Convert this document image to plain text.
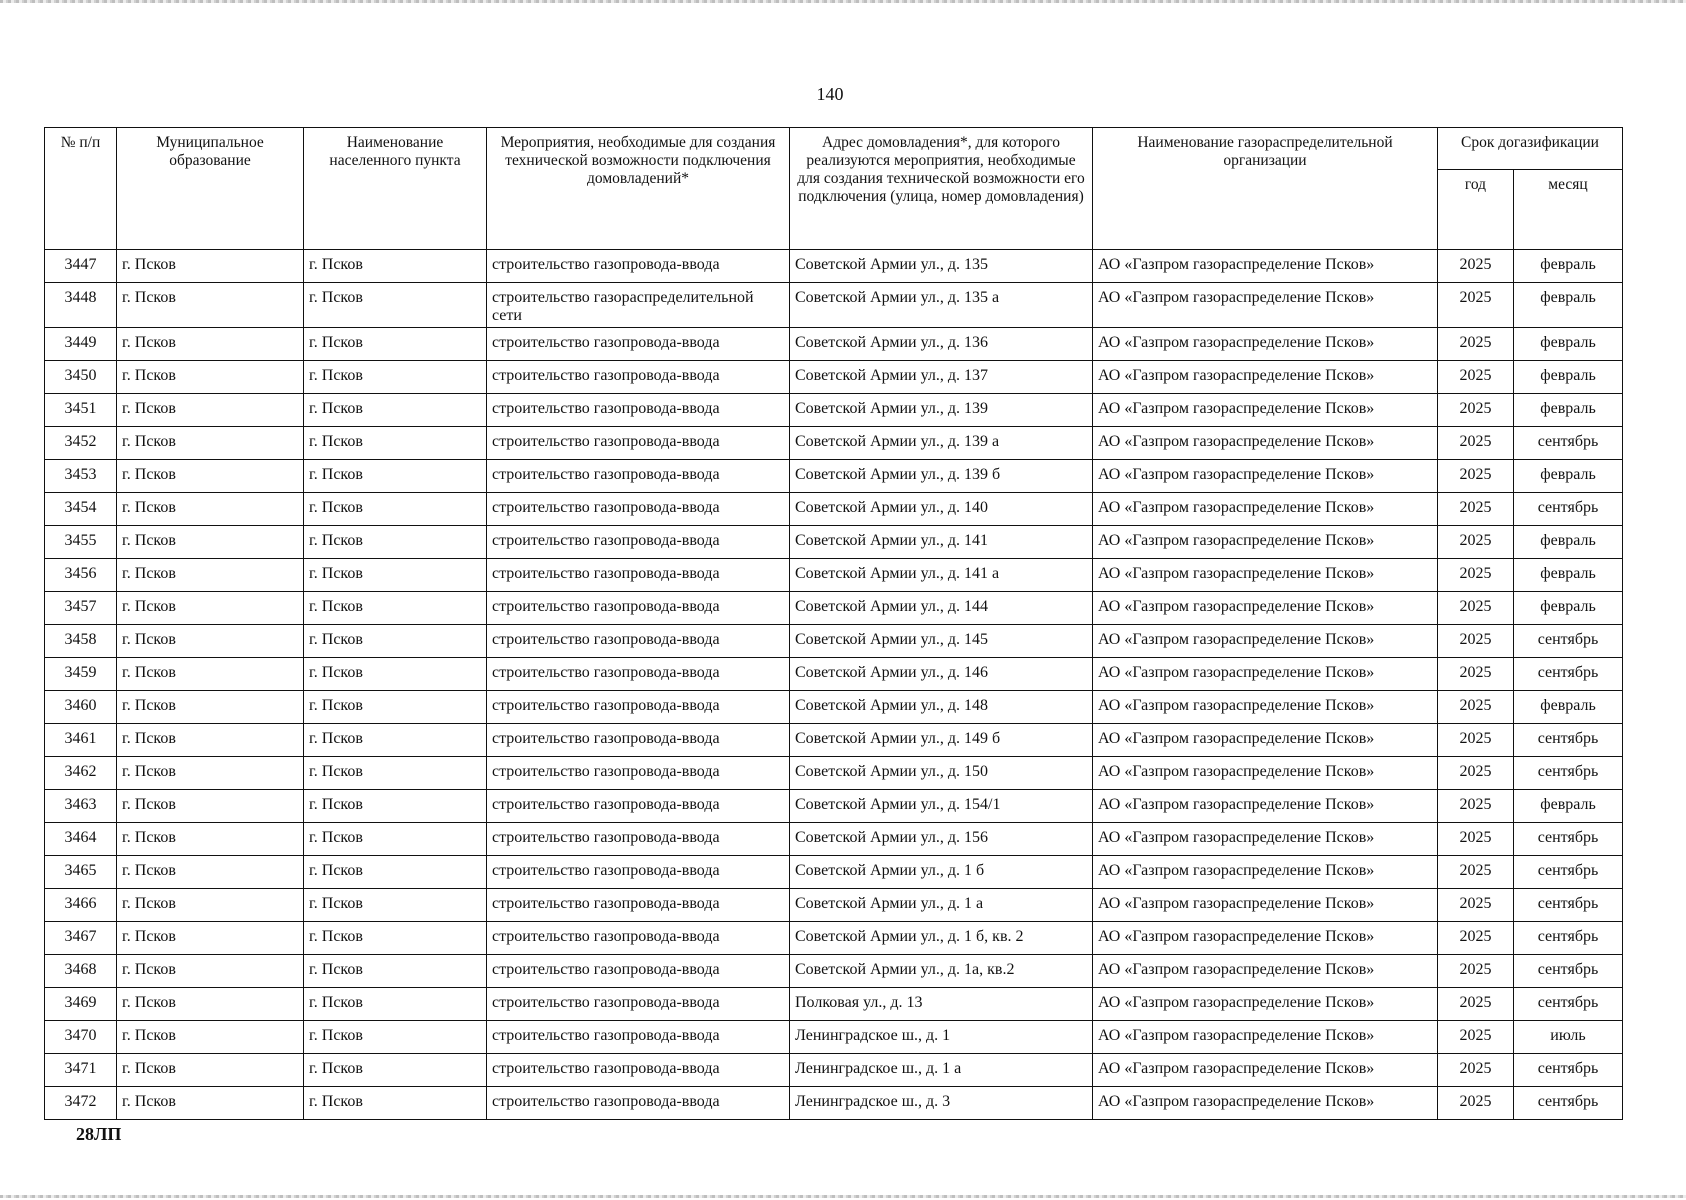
140
№ п/п	Муниципальное образование	Наименование населенного пункта	Мероприятия, необходимые для создания технической возможности подключения домовладений*	Адрес домовладения*, для которого реализуются мероприятия, необходимые для создания технической возможности его подключения (улица, номер домовладения)	Наименование газораспределительной организации	Срок догазификации	
						год	месяц
3447	г. Псков	г. Псков	строительство газопровода-ввода	Советской Армии ул., д. 135	АО «Газпром газораспределение Псков»	2025	февраль
3448	г. Псков	г. Псков	строительство газораспределительной сети	Советской Армии ул., д. 135 а	АО «Газпром газораспределение Псков»	2025	февраль
3449	г. Псков	г. Псков	строительство газопровода-ввода	Советской Армии ул., д. 136	АО «Газпром газораспределение Псков»	2025	февраль
3450	г. Псков	г. Псков	строительство газопровода-ввода	Советской Армии ул., д. 137	АО «Газпром газораспределение Псков»	2025	февраль
3451	г. Псков	г. Псков	строительство газопровода-ввода	Советской Армии ул., д. 139	АО «Газпром газораспределение Псков»	2025	февраль
3452	г. Псков	г. Псков	строительство газопровода-ввода	Советской Армии ул., д. 139 а	АО «Газпром газораспределение Псков»	2025	сентябрь
3453	г. Псков	г. Псков	строительство газопровода-ввода	Советской Армии ул., д. 139 б	АО «Газпром газораспределение Псков»	2025	февраль
3454	г. Псков	г. Псков	строительство газопровода-ввода	Советской Армии ул., д. 140	АО «Газпром газораспределение Псков»	2025	сентябрь
3455	г. Псков	г. Псков	строительство газопровода-ввода	Советской Армии ул., д. 141	АО «Газпром газораспределение Псков»	2025	февраль
3456	г. Псков	г. Псков	строительство газопровода-ввода	Советской Армии ул., д. 141 а	АО «Газпром газораспределение Псков»	2025	февраль
3457	г. Псков	г. Псков	строительство газопровода-ввода	Советской Армии ул., д. 144	АО «Газпром газораспределение Псков»	2025	февраль
3458	г. Псков	г. Псков	строительство газопровода-ввода	Советской Армии ул., д. 145	АО «Газпром газораспределение Псков»	2025	сентябрь
3459	г. Псков	г. Псков	строительство газопровода-ввода	Советской Армии ул., д. 146	АО «Газпром газораспределение Псков»	2025	сентябрь
3460	г. Псков	г. Псков	строительство газопровода-ввода	Советской Армии ул., д. 148	АО «Газпром газораспределение Псков»	2025	февраль
3461	г. Псков	г. Псков	строительство газопровода-ввода	Советской Армии ул., д. 149 б	АО «Газпром газораспределение Псков»	2025	сентябрь
3462	г. Псков	г. Псков	строительство газопровода-ввода	Советской Армии ул., д. 150	АО «Газпром газораспределение Псков»	2025	сентябрь
3463	г. Псков	г. Псков	строительство газопровода-ввода	Советской Армии ул., д. 154/1	АО «Газпром газораспределение Псков»	2025	февраль
3464	г. Псков	г. Псков	строительство газопровода-ввода	Советской Армии ул., д. 156	АО «Газпром газораспределение Псков»	2025	сентябрь
3465	г. Псков	г. Псков	строительство газопровода-ввода	Советской Армии ул., д. 1 б	АО «Газпром газораспределение Псков»	2025	сентябрь
3466	г. Псков	г. Псков	строительство газопровода-ввода	Советской Армии ул., д. 1 а	АО «Газпром газораспределение Псков»	2025	сентябрь
3467	г. Псков	г. Псков	строительство газопровода-ввода	Советской Армии ул., д. 1 б, кв. 2	АО «Газпром газораспределение Псков»	2025	сентябрь
3468	г. Псков	г. Псков	строительство газопровода-ввода	Советской Армии ул., д. 1а, кв.2	АО «Газпром газораспределение Псков»	2025	сентябрь
3469	г. Псков	г. Псков	строительство газопровода-ввода	Полковая ул., д. 13	АО «Газпром газораспределение Псков»	2025	сентябрь
3470	г. Псков	г. Псков	строительство газопровода-ввода	Ленинградское ш., д. 1	АО «Газпром газораспределение Псков»	2025	июль
3471	г. Псков	г. Псков	строительство газопровода-ввода	Ленинградское ш., д. 1 а	АО «Газпром газораспределение Псков»	2025	сентябрь
3472	г. Псков	г. Псков	строительство газопровода-ввода	Ленинградское ш., д. 3	АО «Газпром газораспределение Псков»	2025	сентябрь
28ЛП
